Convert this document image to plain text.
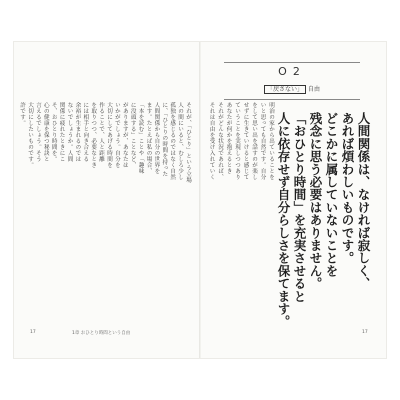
それが、「ひとり」という立場
人の間にいると、むしろ少し
孤独を感じるのではなく自然
に、「ひとりの時間を持った
人間関係から自分の世界を
ます。たとえば私の場合、
「本を読む」ことや「趣味
に没頭する」ことなど、
がありますが、あなたは
いかがでしょう。自分を
大切にしてあげる時間を
作ることで、人と距離
を取りつつ、必要なとき
には相手と向き合える
余裕が生まれるのでは
ないでしょうか。人間
関係に疲れたときにこ
そ、おひとり時間を。
心の健康を保つ秘訣と
言えるでしょう。そう
大切にしたいものです。
許です。	明治の家から出ていることを
いと思っても自然です。自分
をして思い出を話すのが楽し
せずに生きていけると感じて
ていうことを実現しつつあり
あなたが何かを抱えるとき
それがどんな状況であれば、
それは自由を受け入れていく	人間関係は、なければ寂しく、
あれば煩わしいものです。
どこかに属していないことを
残念に思う必要はありません。
「おひとり時間」を充実させると
人に依存せず自分らしさを保てます。
O2
「戻さない」 自由
17	1章 おひとり時間という自由	17
